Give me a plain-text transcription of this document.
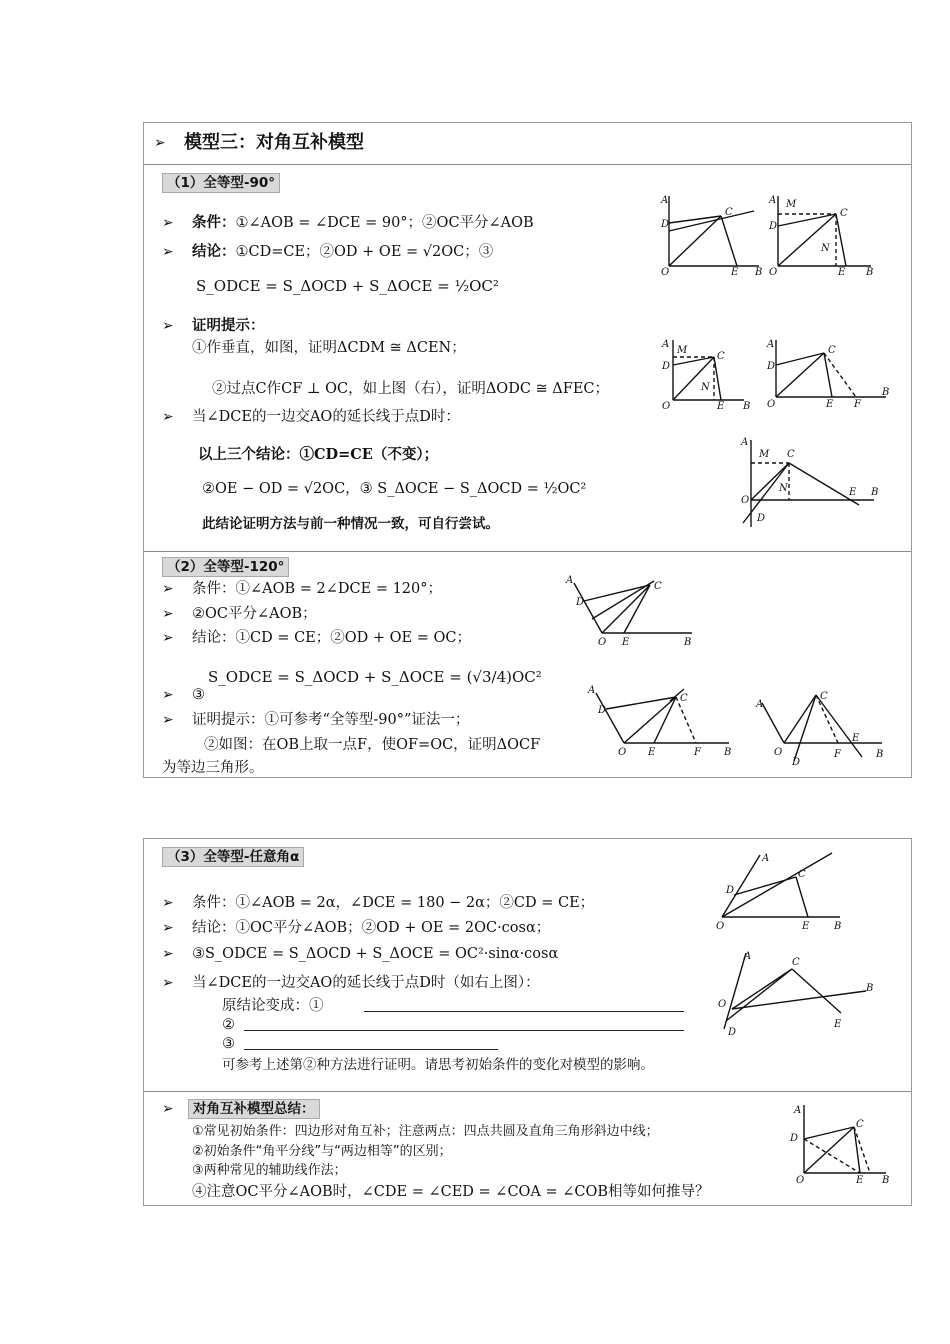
➢ 模型三：对角互补模型
（1）全等型-90°
➢ 条件：①∠AOB = ∠DCE = 90°；②OC平分∠AOB
➢ 结论：①CD=CE；②OD + OE = √2OC；③
S_ODCE = S_ΔOCD + S_ΔOCE = ½OC²
➢ 证明提示：
①作垂直，如图，证明ΔCDM ≅ ΔCEN；
②过点C作CF ⊥ OC，如上图（右），证明ΔODC ≅ ΔFEC；
➢ 当∠DCE的一边交AO的延长线于点D时：
以上三个结论：①CD=CE（不变）；
②OE − OD = √2OC，③ S_ΔOCE − S_ΔOCD = ½OC²
此结论证明方法与前一种情况一致，可自行尝试。
A
D
C
O	E B
A M
D
C
N
O	E B
A
M
D
C
N
O	E B
A
D
C
O	E F
B
A
M C
N
O
D
E B
（2）全等型-120°
➢ 条件：①∠AOB = 2∠DCE = 120°；
➢ ②OC平分∠AOB；
➢ 结论：①CD = CE；②OD + OE = OC；
S_ODCE = S_ΔOCD + S_ΔOCE = (√3/4)OC²
➢ ③
➢ 证明提示：①可参考“全等型-90°”证法一；
②如图：在OB上取一点F，使OF=OC，证明ΔOCF
为等边三角形。
A
D
C
O E	B
A
D
C
O E	F B
A
C
O
D
F
E
B
（3）全等型-任意角α
➢ 条件：①∠AOB = 2α，∠DCE = 180 − 2α；②CD = CE；
➢ 结论：①OC平分∠AOB；②OD + OE = 2OC·cosα；
➢ ③S_ODCE = S_ΔOCD + S_ΔOCE = OC²·sinα·cosα
➢ 当∠DCE的一边交AO的延长线于点D时（如右上图）：
原结论变成：①
②
③
可参考上述第②种方法进行证明。请思考初始条件的变化对模型的影响。
A
D
C
O	E B
A
C
O
D
E
B
➢	对角互补模型总结：
①常见初始条件：四边形对角互补；注意两点：四点共圆及直角三角形斜边中线；
②初始条件“角平分线”与“两边相等”的区别；
③两种常见的辅助线作法；
④注意OC平分∠AOB时，∠CDE = ∠CED = ∠COA = ∠COB相等如何推导？
A
D
C
O	E B
